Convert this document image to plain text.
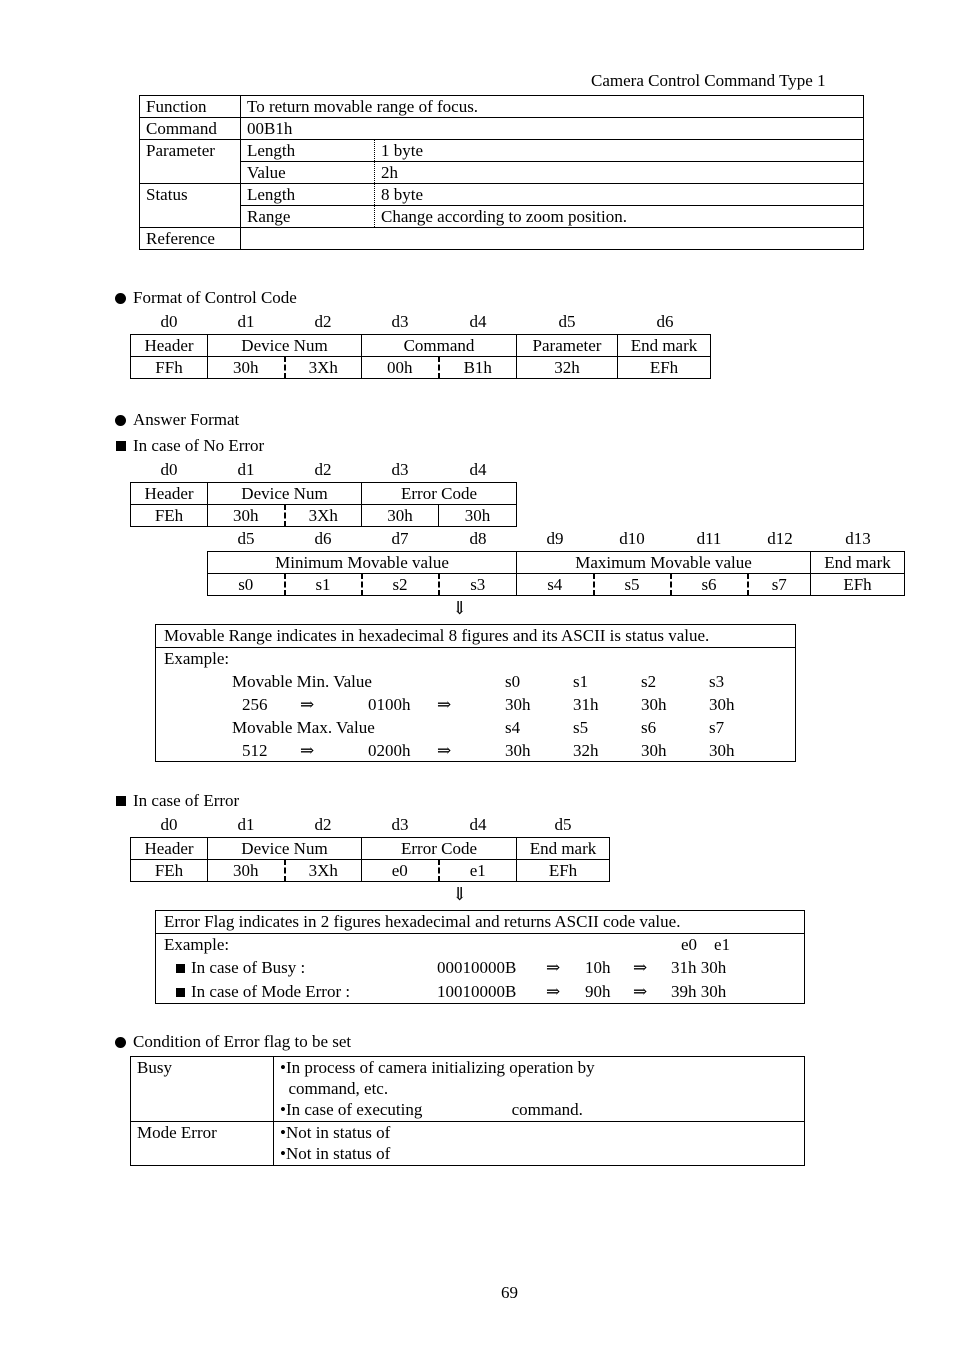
Camera Control Command Type 1
Function	To return movable range of focus.	
Command	00B1h	
Parameter	Length	1 byte
	Value	2h
Status	Length	8 byte
	Range	Change according to zoom position.
Reference		
Format of Control Code
d0	d1	d2	d3	d4	d5	d6
Header	Device Num		Command		Parameter	End mark
FFh	30h	3Xh	00h	B1h	32h	EFh
Answer Format
In case of No Error
d0	d1	d2	d3	d4
Header	Device Num		Error Code	
FEh	30h	3Xh	30h	30h
d5	d6	d7	d8	d9	d10	d11	d12	d13
Minimum Movable value				Maximum Movable value				End mark
s0	s1	s2	s3	s4	s5	s6	s7	EFh
⇓
Movable Range indicates in hexadecimal 8 figures and its ASCII is status value.
Example:
Movable Min. Value	s0	s1	s2	s3
256 ⇒	0100h ⇒	30h	31h	30h	30h
Movable Max. Value	s4	s5	s6	s7
512 ⇒	0200h ⇒	30h	32h	30h	30h
In case of Error
d0	d1	d2	d3	d4	d5
Header	Device Num		Error Code		End mark
FEh	30h	3Xh	e0	e1	EFh
⇓
Error Flag indicates in 2 figures hexadecimal and returns ASCII code value.
Example:	e0    e1
In case of Busy :	00010000B ⇒ 10h ⇒ 31h 30h
In case of Mode Error :	10010000B ⇒ 90h ⇒ 39h 30h
Condition of Error flag to be set
Busy	•In process of camera initializing operation by
command, etc.
•In case of executing                     command.

Mode Error	•Not in status of
•Not in status of
69
